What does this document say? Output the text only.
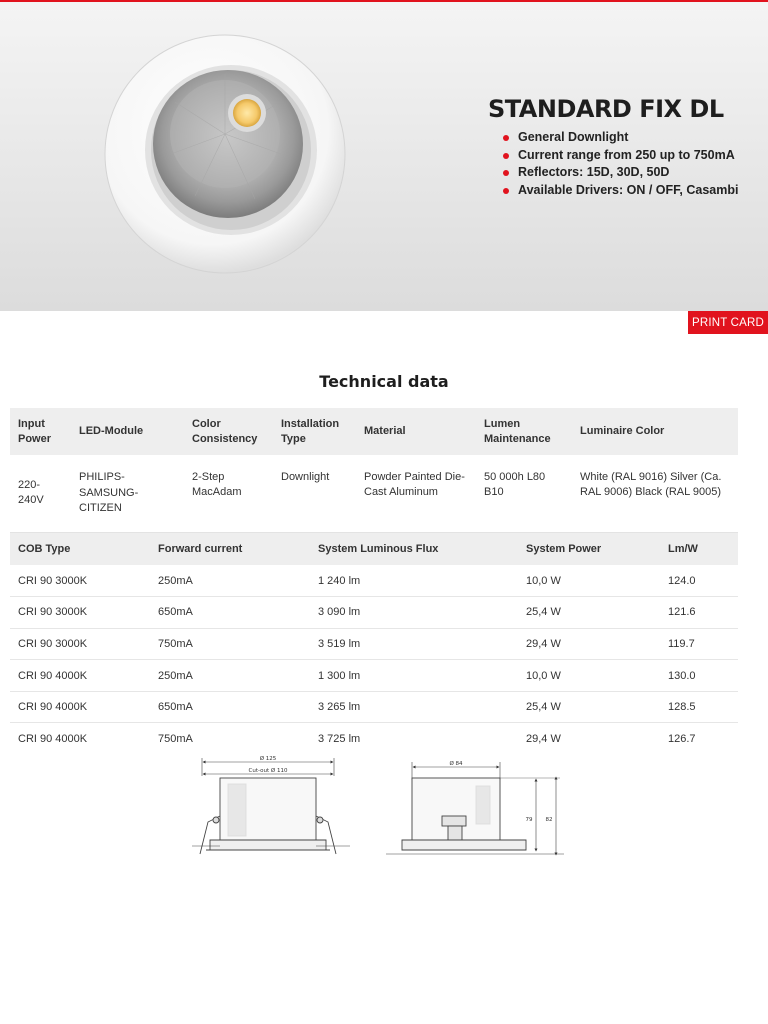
STANDARD FIX DL
General Downlight
Current range from 250 up to 750mA
Reflectors: 15D, 30D, 50D
Available Drivers: ON / OFF, Casambi
PRINT CARD
Technical data
Input Power	LED-Module	Color Consistency	Installation Type	Material	Lumen Maintenance	Luminaire Color
220-240V	PHILIPS-SAMSUNG-CITIZEN	2-Step MacAdam	Downlight	Powder Painted Die-Cast Aluminum	50 000h L80 B10	White (RAL 9016) Silver (Ca. RAL 9006) Black (RAL 9005)
COB Type	Forward current	System Luminous Flux	System Power	Lm/W
CRI 90 3000K	250mA	1 240 lm	10,0 W	124.0
CRI 90 3000K	650mA	3 090 lm	25,4 W	121.6
CRI 90 3000K	750mA	3 519 lm	29,4 W	119.7
CRI 90 4000K	250mA	1 300 lm	10,0 W	130.0
CRI 90 4000K	650mA	3 265 lm	25,4 W	128.5
CRI 90 4000K	750mA	3 725 lm	29,4 W	126.7
Ø 125
Cut-out Ø 110
Ø 84
79 82
